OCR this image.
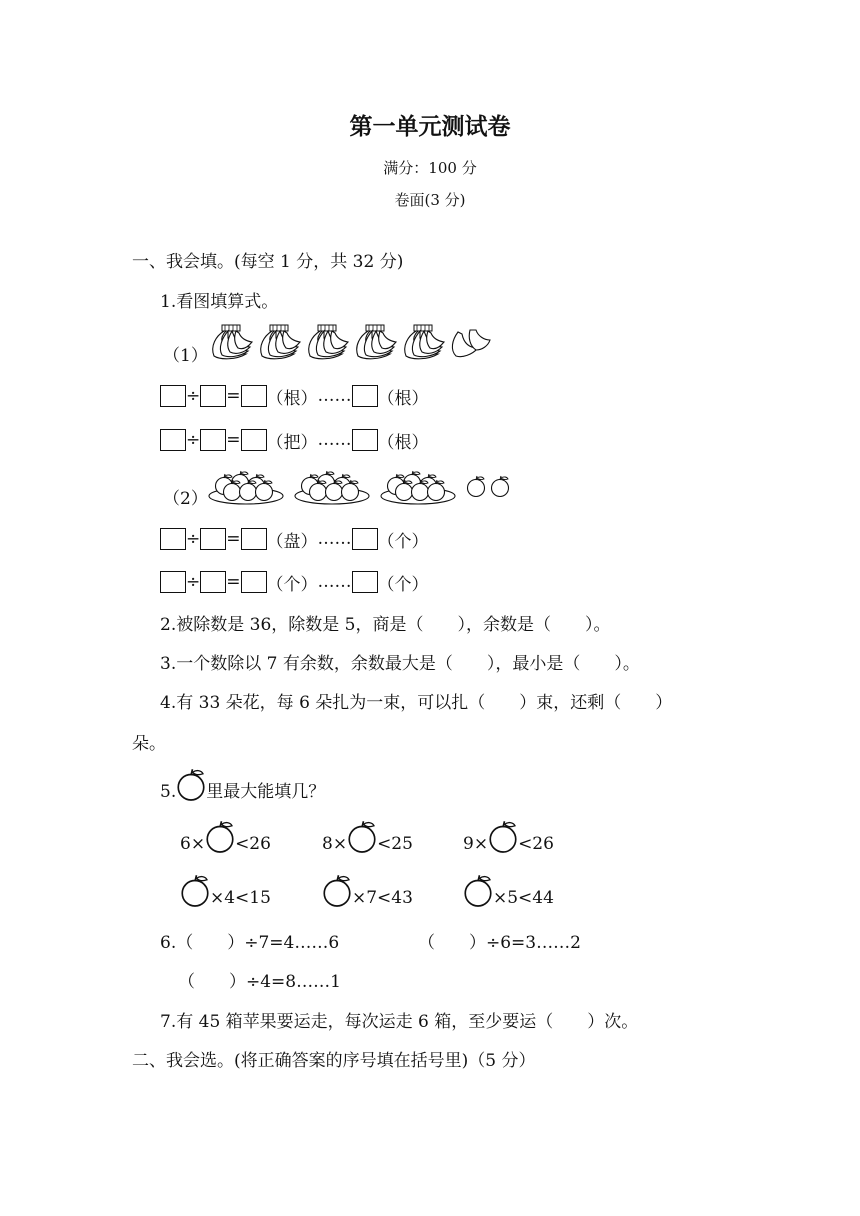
第一单元测试卷
满分：100 分
卷面(3 分)
一、我会填。(每空 1 分，共 32 分)
1.看图填算式。
（1）
÷ = （根） …… （根）
÷ = （把） …… （根）
（2）
÷ = （盘） …… （个）
÷ = （个） …… （个）
2.被除数是 36，除数是 5，商是（　　），余数是（　　）。
3.一个数除以 7 有余数，余数最大是（　　），最小是（　　）。
4.有 33 朵花，每 6 朵扎为一束，可以扎（　　）束，还剩（　　）
朵。
5. 里最大能填几？
6× <26	8× <25	9× <26
×4<15	×7<43	×5<44
6.（　　）÷7=4……6	（　　）÷6=3……2
（　　）÷4=8……1
7.有 45 箱苹果要运走，每次运走 6 箱，至少要运（　　）次。
二、我会选。(将正确答案的序号填在括号里)（5 分）
